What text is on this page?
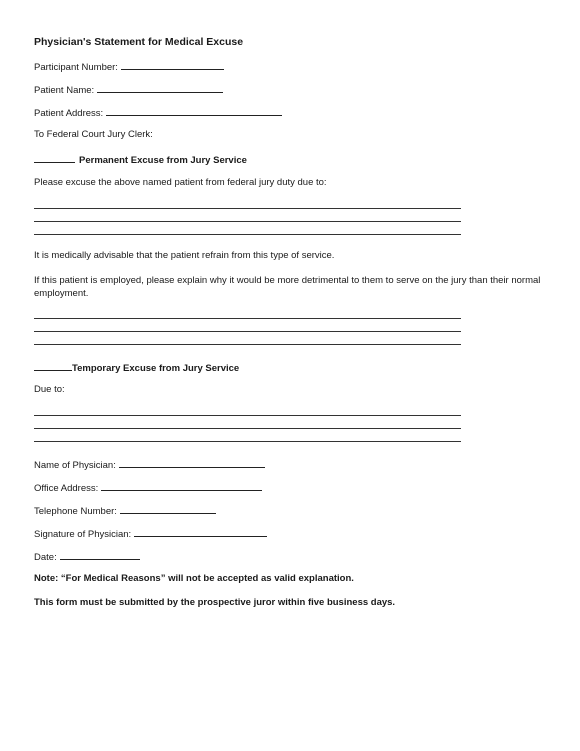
Physician's Statement for Medical Excuse
Participant Number:
Patient Name:
Patient Address:
To Federal Court Jury Clerk:
Permanent Excuse from Jury Service
Please excuse the above named patient from federal jury duty due to:
It is medically advisable that the patient refrain from this type of service.
If this patient is employed, please explain why it would be more detrimental to them to serve on the jury than their normal employment.
Temporary Excuse from Jury Service
Due to:
Name of Physician:
Office Address:
Telephone Number:
Signature of Physician:
Date:
Note: “For Medical Reasons” will not be accepted as valid explanation.
This form must be submitted by the prospective juror within five business days.
